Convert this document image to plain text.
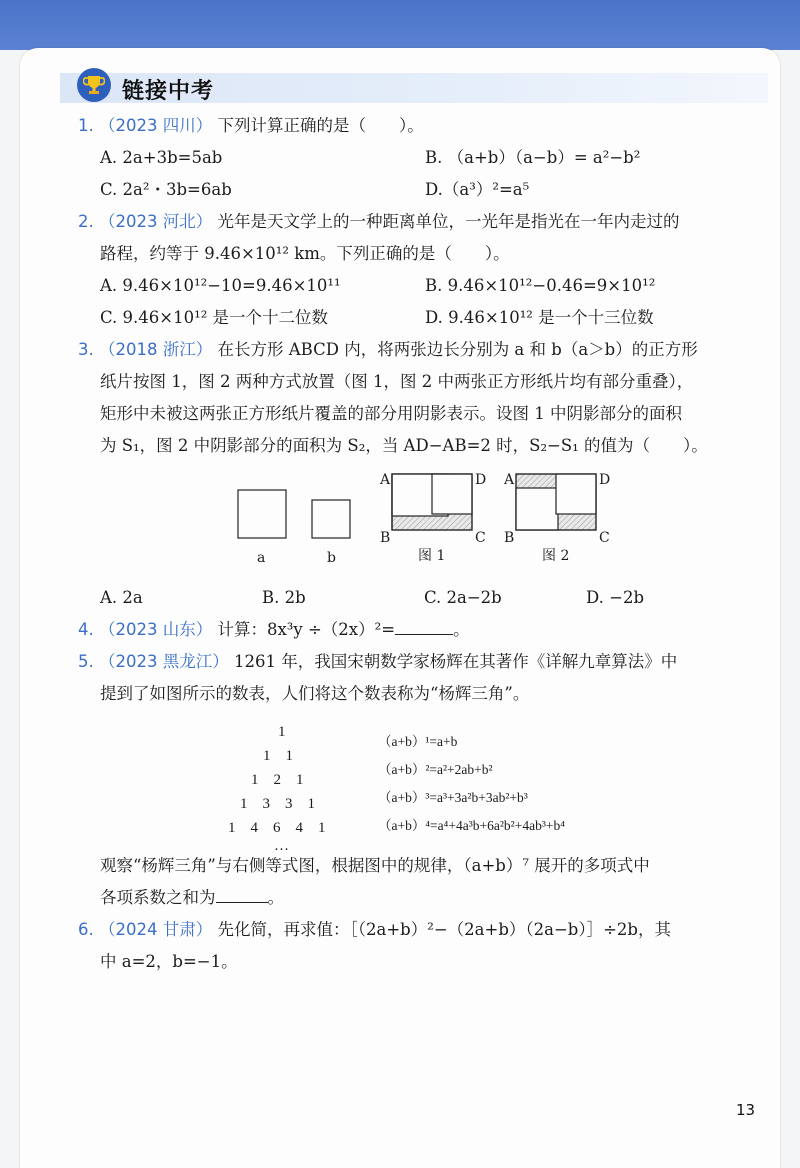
链接中考
1. （2023 四川） 下列计算正确的是（　　）。
A. 2a+3b=5ab	B. （a+b）（a−b）= a²−b²
C. 2a²・3b=6ab	D.（a³）²=a⁵
2. （2023 河北） 光年是天文学上的一种距离单位，一光年是指光在一年内走过的
路程，约等于 9.46×10¹² km。下列正确的是（　　）。
A. 9.46×10¹²−10=9.46×10¹¹	B. 9.46×10¹²−0.46=9×10¹²
C. 9.46×10¹² 是一个十二位数	D. 9.46×10¹² 是一个十三位数
3. （2018 浙江） 在长方形 ABCD 内，将两张边长分别为 a 和 b（a＞b）的正方形
纸片按图 1，图 2 两种方式放置（图 1，图 2 中两张正方形纸片均有部分重叠），
矩形中未被这两张正方形纸片覆盖的部分用阴影表示。设图 1 中阴影部分的面积
为 S₁，图 2 中阴影部分的面积为 S₂，当 AD−AB=2 时，S₂−S₁ 的值为（　　）。
a	b
A	D
B	C
图 1
A	D
B	C
图 2
A. 2a	B. 2b	C. 2a−2b	D. −2b
4. （2023 山东） 计算：8x³y ÷（2x）²=	。
5. （2023 黑龙江） 1261 年，我国宋朝数学家杨辉在其著作《详解九章算法》中
提到了如图所示的数表，人们将这个数表称为“杨辉三角”。
1
1　1
1　2　1
1　3　3　1
1　4　6　4　1
…
（a+b）¹=a+b
（a+b）²=a²+2ab+b²
（a+b）³=a³+3a²b+3ab²+b³
（a+b）⁴=a⁴+4a³b+6a²b²+4ab³+b⁴
观察“杨辉三角”与右侧等式图，根据图中的规律，（a+b）⁷ 展开的多项式中
各项系数之和为	。
6. （2024 甘肃） 先化简，再求值：［（2a+b）²−（2a+b）（2a−b）］÷2b，其
中 a=2，b=−1。
13
